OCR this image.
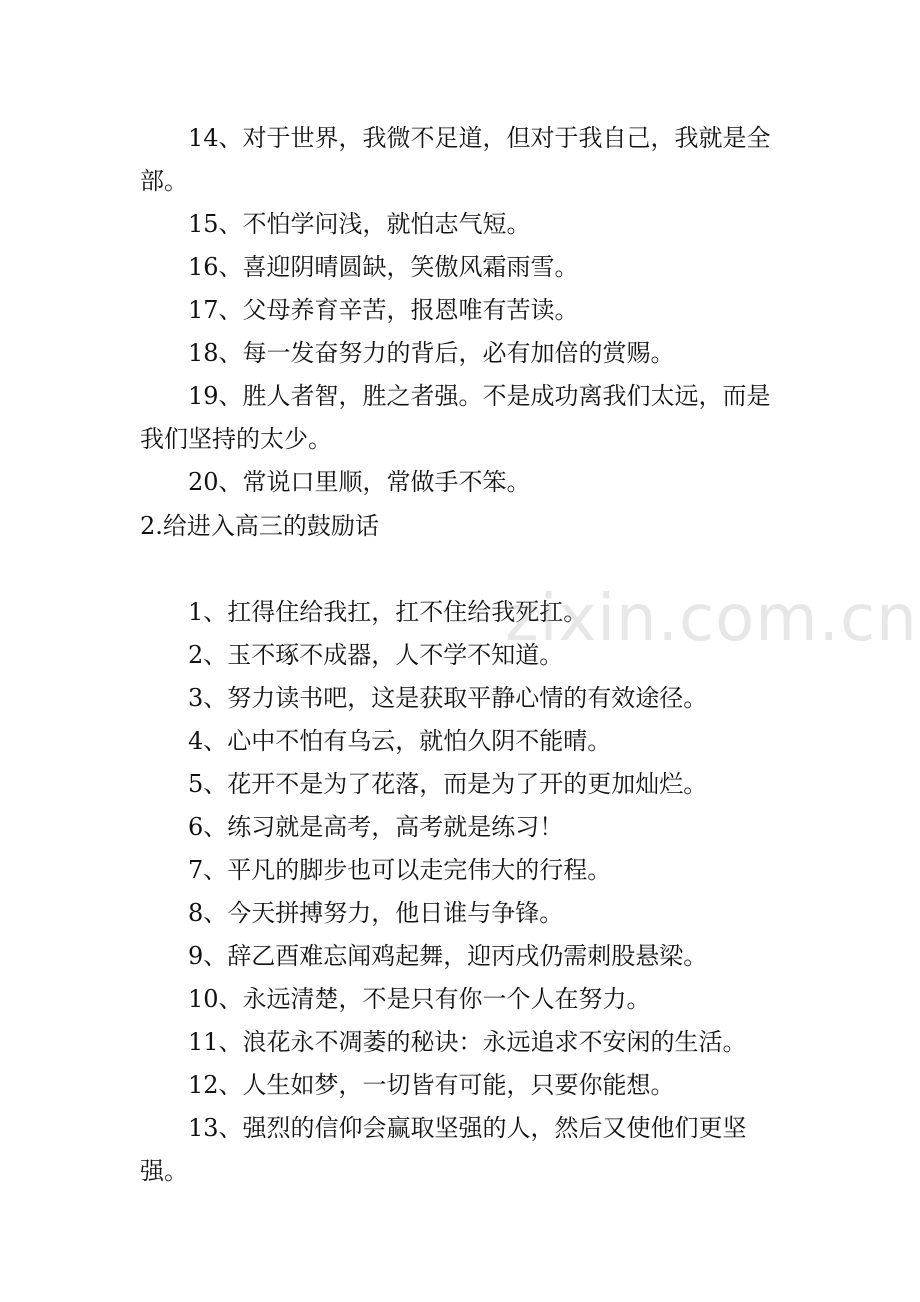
14、对于世界，我微不足道，但对于我自己，我就是全部。

15、不怕学问浅，就怕志气短。

16、喜迎阴晴圆缺，笑傲风霜雨雪。

17、父母养育辛苦，报恩唯有苦读。

18、每一发奋努力的背后，必有加倍的赏赐。

19、胜人者智，胜之者强。不是成功离我们太远，而是我们坚持的太少。

20、常说口里顺，常做手不笨。

2.给进入高三的鼓励话

1、扛得住给我扛，扛不住给我死扛。

2、玉不琢不成器，人不学不知道。

3、努力读书吧，这是获取平静心情的有效途径。

4、心中不怕有乌云，就怕久阴不能晴。

5、花开不是为了花落，而是为了开的更加灿烂。

6、练习就是高考，高考就是练习！

7、平凡的脚步也可以走完伟大的行程。

8、今天拼搏努力，他日谁与争锋。

9、辞乙酉难忘闻鸡起舞，迎丙戌仍需刺股悬梁。

10、永远清楚，不是只有你一个人在努力。

11、浪花永不凋萎的秘诀：永远追求不安闲的生活。

12、人生如梦，一切皆有可能，只要你能想。

13、强烈的信仰会赢取坚强的人，然后又使他们更坚强。

zixin.com.cn
